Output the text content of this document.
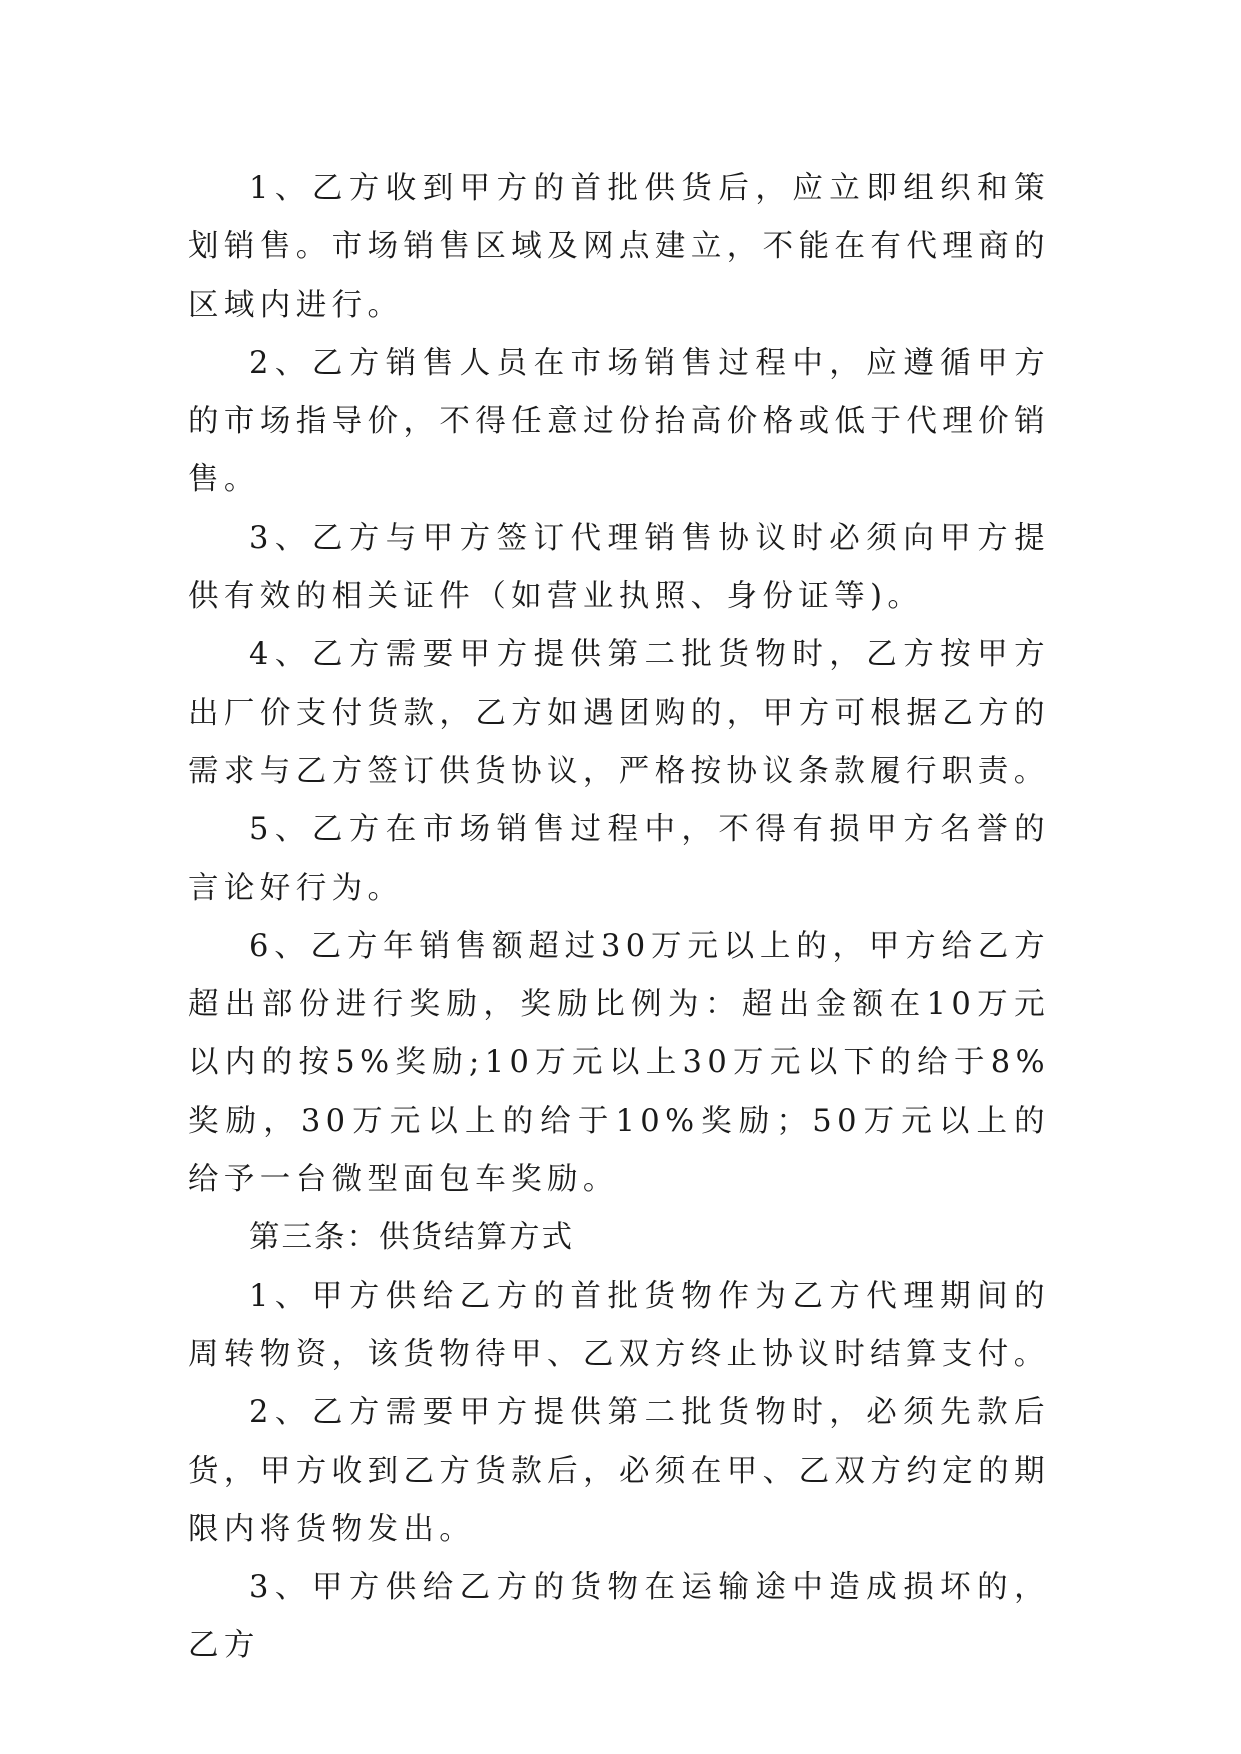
1、乙方收到甲方的首批供货后，应立即组织和策划销售。市场销售区域及网点建立，不能在有代理商的区域内进行。

2、乙方销售人员在市场销售过程中，应遵循甲方的市场指导价，不得任意过份抬高价格或低于代理价销售。

3、乙方与甲方签订代理销售协议时必须向甲方提供有效的相关证件（如营业执照、身份证等)。

4、乙方需要甲方提供第二批货物时，乙方按甲方出厂价支付货款，乙方如遇团购的，甲方可根据乙方的需求与乙方签订供货协议，严格按协议条款履行职责。

5、乙方在市场销售过程中，不得有损甲方名誉的言论好行为。

6、乙方年销售额超过30万元以上的，甲方给乙方超出部份进行奖励，奖励比例为：超出金额在10万元以内的按5%奖励;10万元以上30万元以下的给于8%奖励，30万元以上的给于10%奖励；50万元以上的给予一台微型面包车奖励。

第三条：供货结算方式

1、甲方供给乙方的首批货物作为乙方代理期间的周转物资，该货物待甲、乙双方终止协议时结算支付。

2、乙方需要甲方提供第二批货物时，必须先款后货，甲方收到乙方货款后，必须在甲、乙双方约定的期限内将货物发出。

3、甲方供给乙方的货物在运输途中造成损坏的，乙方
